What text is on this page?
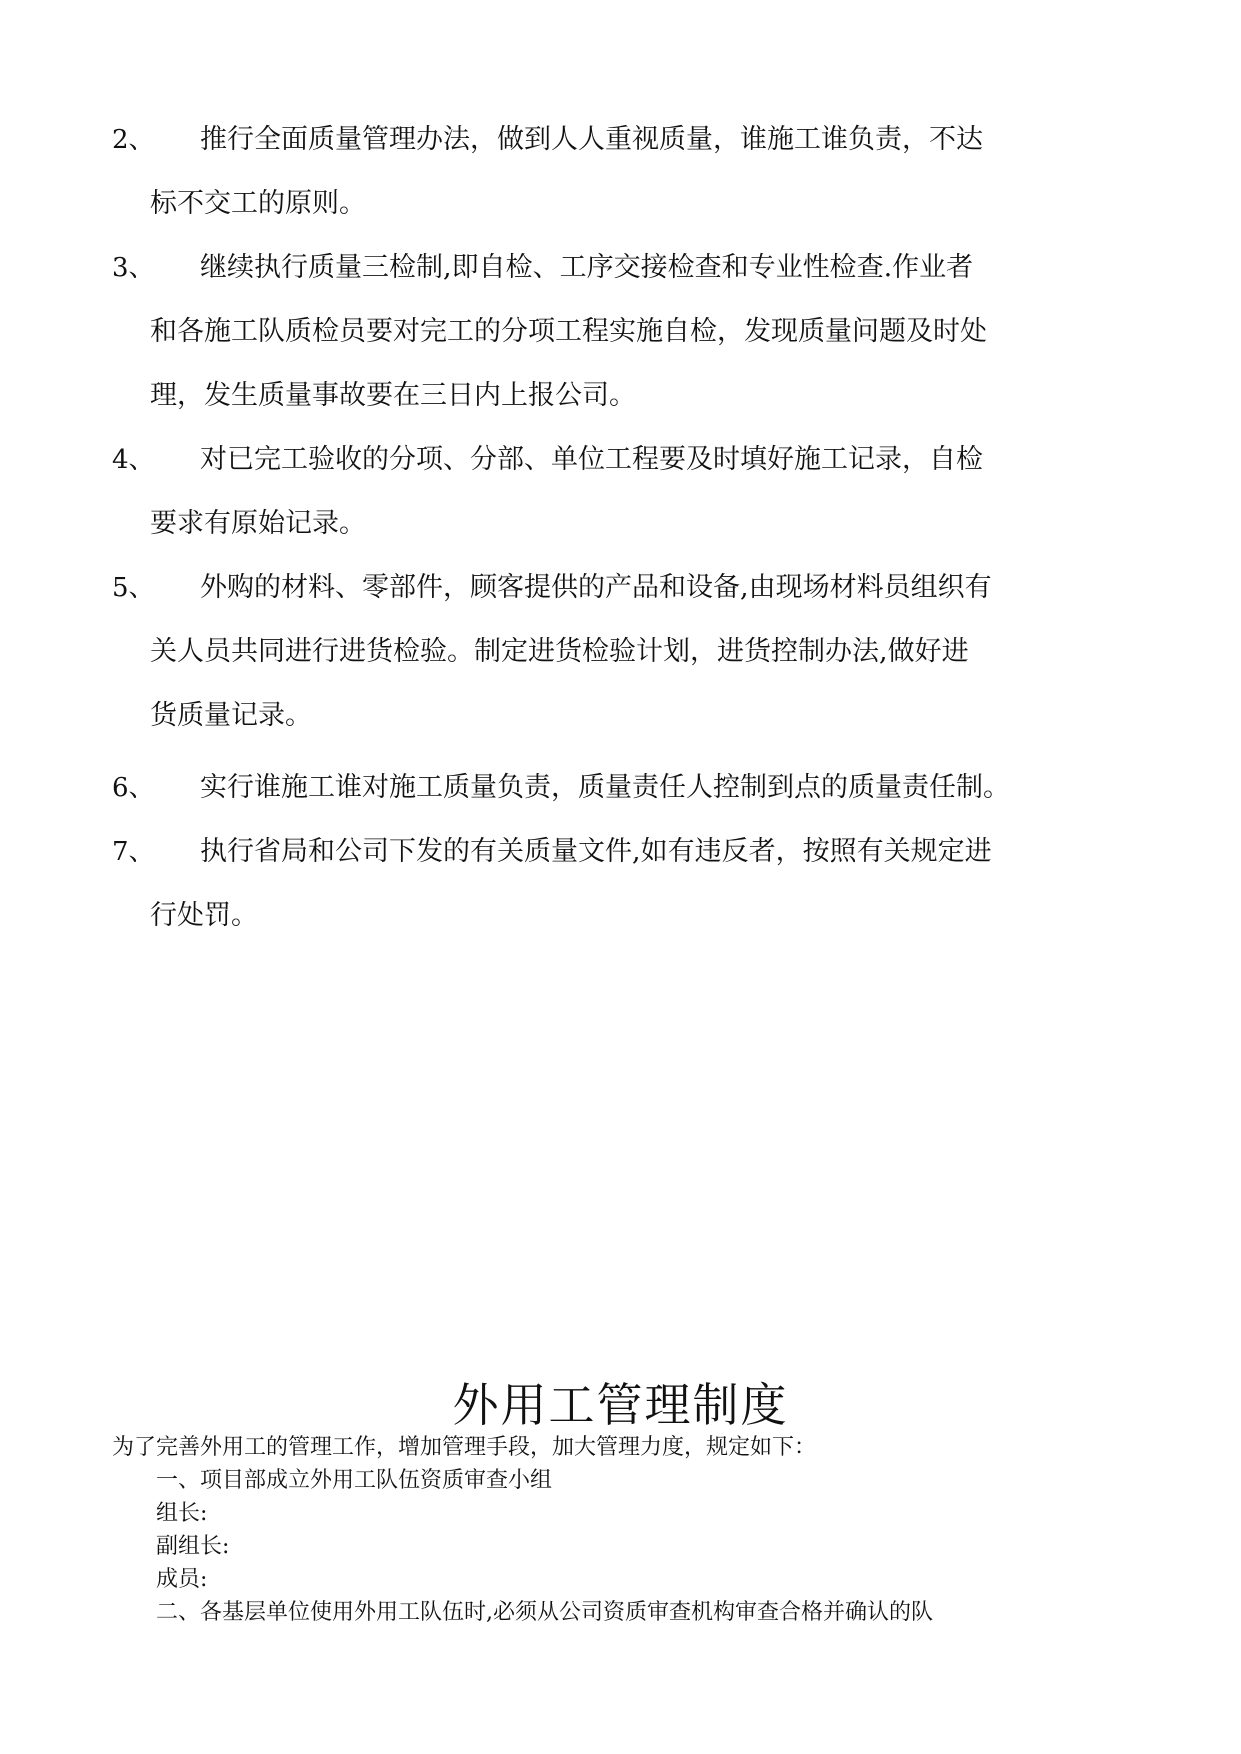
2、 推行全面质量管理办法，做到人人重视质量，谁施工谁负责，不达
标不交工的原则。
3、 继续执行质量三检制,即自检、工序交接检查和专业性检查.作业者
和各施工队质检员要对完工的分项工程实施自检，发现质量问题及时处
理，发生质量事故要在三日内上报公司。
4、 对已完工验收的分项、分部、单位工程要及时填好施工记录，自检
要求有原始记录。
5、 外购的材料、零部件，顾客提供的产品和设备,由现场材料员组织有
关人员共同进行进货检验。制定进货检验计划，进货控制办法,做好进
货质量记录。
6、 实行谁施工谁对施工质量负责，质量责任人控制到点的质量责任制。
7、 执行省局和公司下发的有关质量文件,如有违反者，按照有关规定进
行处罚。
外用工管理制度
为了完善外用工的管理工作，增加管理手段，加大管理力度，规定如下：
一、项目部成立外用工队伍资质审查小组
组长:
副组长:
成员:
二、各基层单位使用外用工队伍时,必须从公司资质审查机构审查合格并确认的队
